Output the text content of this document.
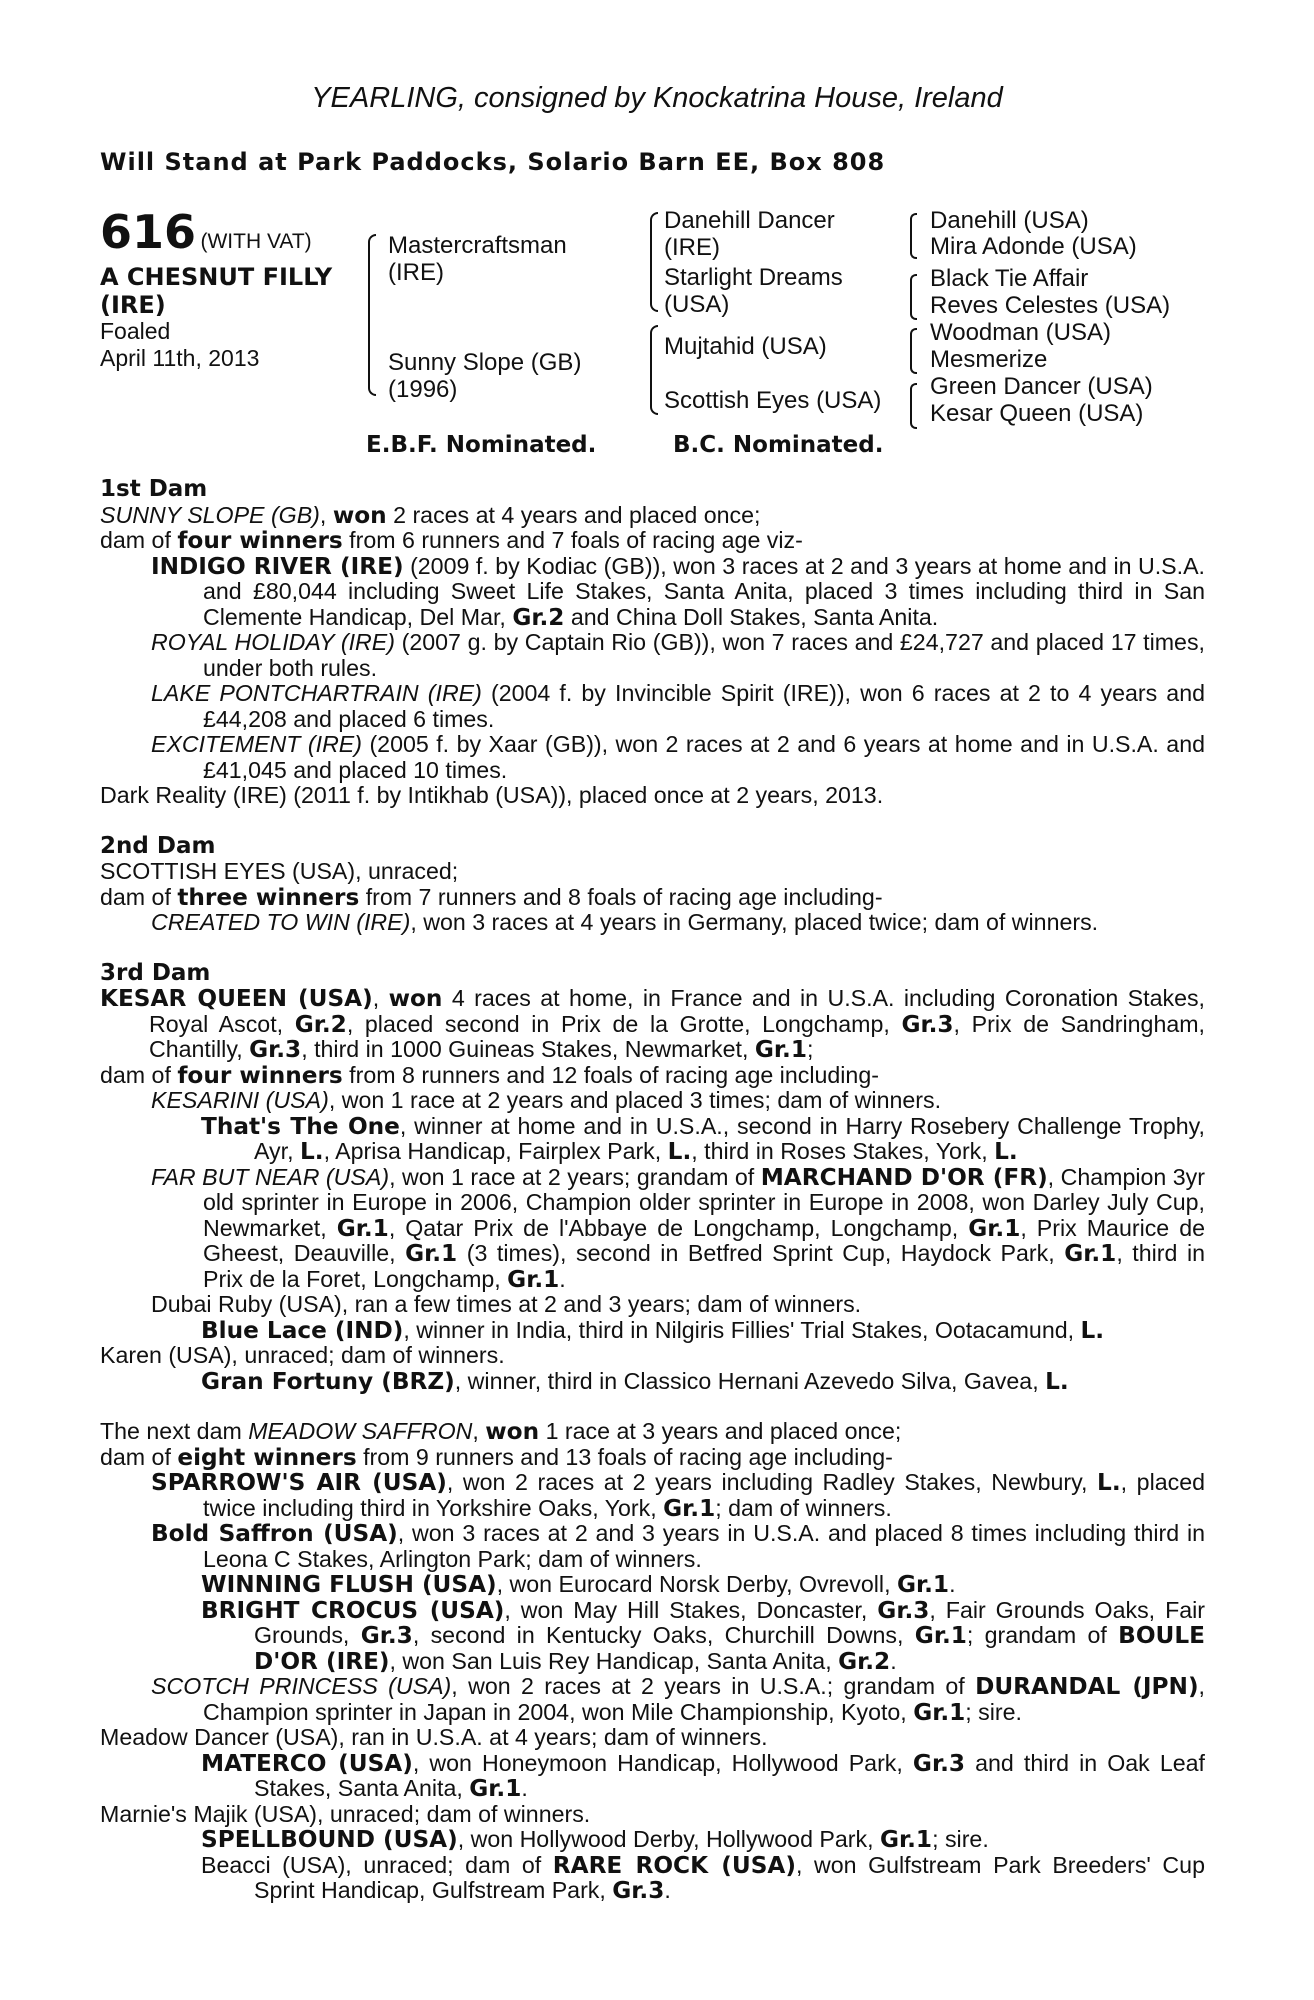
YEARLING, consigned by Knockatrina House, Ireland
Will Stand at Park Paddocks, Solario Barn EE, Box 808
616 (WITH VAT)
A CHESNUT FILLY
(IRE)
Foaled
April 11th, 2013
Mastercraftsman
(IRE)
Sunny Slope (GB)
(1996)
Danehill Dancer
(IRE)
Starlight Dreams
(USA)
Mujtahid (USA)
Scottish Eyes (USA)
Danehill (USA)
Mira Adonde (USA)
Black Tie Affair
Reves Celestes (USA)
Woodman (USA)
Mesmerize
Green Dancer (USA)
Kesar Queen (USA)
E.B.F. Nominated.	B.C. Nominated.

1st Dam

SUNNY SLOPE (GB), won 2 races at 4 years and placed once;

dam of four winners from 6 runners and 7 foals of racing age viz-

INDIGO RIVER (IRE) (2009 f. by Kodiac (GB)), won 3 races at 2 and 3 years at home and in U.S.A. and £80,044 including Sweet Life Stakes, Santa Anita, placed 3 times including third in San Clemente Handicap, Del Mar, Gr.2 and China Doll Stakes, Santa Anita.

ROYAL HOLIDAY (IRE) (2007 g. by Captain Rio (GB)), won 7 races and £24,727 and placed 17 times, under both rules.

LAKE PONTCHARTRAIN (IRE) (2004 f. by Invincible Spirit (IRE)), won 6 races at 2 to 4 years and £44,208 and placed 6 times.

EXCITEMENT (IRE) (2005 f. by Xaar (GB)), won 2 races at 2 and 6 years at home and in U.S.A. and £41,045 and placed 10 times.

Dark Reality (IRE) (2011 f. by Intikhab (USA)), placed once at 2 years, 2013.

2nd Dam

SCOTTISH EYES (USA), unraced;

dam of three winners from 7 runners and 8 foals of racing age including-

CREATED TO WIN (IRE), won 3 races at 4 years in Germany, placed twice; dam of winners.

3rd Dam

KESAR QUEEN (USA), won 4 races at home, in France and in U.S.A. including Coronation Stakes, Royal Ascot, Gr.2, placed second in Prix de la Grotte, Longchamp, Gr.3, Prix de Sandringham, Chantilly, Gr.3, third in 1000 Guineas Stakes, Newmarket, Gr.1;

dam of four winners from 8 runners and 12 foals of racing age including-

KESARINI (USA), won 1 race at 2 years and placed 3 times; dam of winners.

That's The One, winner at home and in U.S.A., second in Harry Rosebery Challenge Trophy, Ayr, L., Aprisa Handicap, Fairplex Park, L., third in Roses Stakes, York, L.

FAR BUT NEAR (USA), won 1 race at 2 years; grandam of MARCHAND D'OR (FR), Champion 3yr old sprinter in Europe in 2006, Champion older sprinter in Europe in 2008, won Darley July Cup, Newmarket, Gr.1, Qatar Prix de l'Abbaye de Longchamp, Longchamp, Gr.1, Prix Maurice de Gheest, Deauville, Gr.1 (3 times), second in Betfred Sprint Cup, Haydock Park, Gr.1, third in Prix de la Foret, Longchamp, Gr.1.

Dubai Ruby (USA), ran a few times at 2 and 3 years; dam of winners.

Blue Lace (IND), winner in India, third in Nilgiris Fillies' Trial Stakes, Ootacamund, L.

Karen (USA), unraced; dam of winners.

Gran Fortuny (BRZ), winner, third in Classico Hernani Azevedo Silva, Gavea, L.

The next dam MEADOW SAFFRON, won 1 race at 3 years and placed once;

dam of eight winners from 9 runners and 13 foals of racing age including-

SPARROW'S AIR (USA), won 2 races at 2 years including Radley Stakes, Newbury, L., placed twice including third in Yorkshire Oaks, York, Gr.1; dam of winners.

Bold Saffron (USA), won 3 races at 2 and 3 years in U.S.A. and placed 8 times including third in Leona C Stakes, Arlington Park; dam of winners.

WINNING FLUSH (USA), won Eurocard Norsk Derby, Ovrevoll, Gr.1.

BRIGHT CROCUS (USA), won May Hill Stakes, Doncaster, Gr.3, Fair Grounds Oaks, Fair Grounds, Gr.3, second in Kentucky Oaks, Churchill Downs, Gr.1; grandam of BOULE D'OR (IRE), won San Luis Rey Handicap, Santa Anita, Gr.2.

SCOTCH PRINCESS (USA), won 2 races at 2 years in U.S.A.; grandam of DURANDAL (JPN), Champion sprinter in Japan in 2004, won Mile Championship, Kyoto, Gr.1; sire.

Meadow Dancer (USA), ran in U.S.A. at 4 years; dam of winners.

MATERCO (USA), won Honeymoon Handicap, Hollywood Park, Gr.3 and third in Oak Leaf Stakes, Santa Anita, Gr.1.

Marnie's Majik (USA), unraced; dam of winners.

SPELLBOUND (USA), won Hollywood Derby, Hollywood Park, Gr.1; sire.

Beacci (USA), unraced; dam of RARE ROCK (USA), won Gulfstream Park Breeders' Cup Sprint Handicap, Gulfstream Park, Gr.3.
